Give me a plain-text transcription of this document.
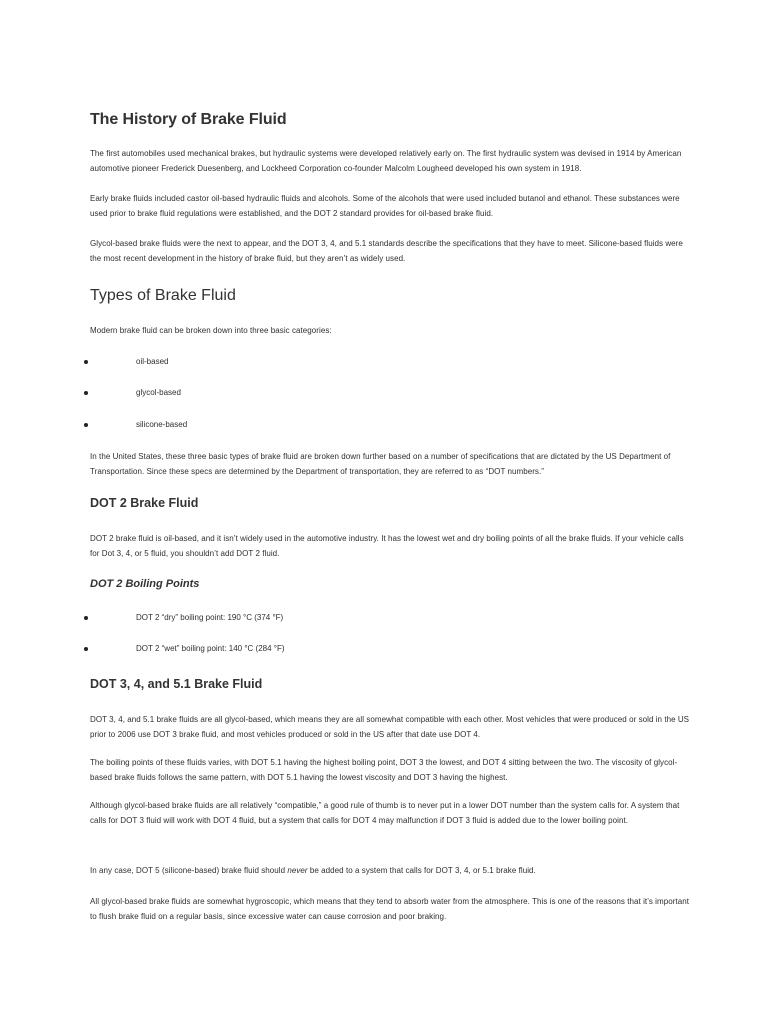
The History of Brake Fluid

The first automobiles used mechanical brakes, but hydraulic systems were developed relatively early on. The first hydraulic system was devised in 1914 by American automotive pioneer Frederick Duesenberg, and Lockheed Corporation co-founder Malcolm Lougheed developed his own system in 1918.

Early brake fluids included castor oil-based hydraulic fluids and alcohols. Some of the alcohols that were used included butanol and ethanol. These substances were used prior to brake fluid regulations were established, and the DOT 2 standard provides for oil-based brake fluid.

Glycol-based brake fluids were the next to appear, and the DOT 3, 4, and 5.1 standards describe the specifications that they have to meet. Silicone-based fluids were the most recent development in the history of brake fluid, but they aren’t as widely used.

Types of Brake Fluid

Modern brake fluid can be broken down into three basic categories:

oil-based
glycol-based
silicone-based

In the United States, these three basic types of brake fluid are broken down further based on a number of specifications that are dictated by the US Department of Transportation. Since these specs are determined by the Department of transportation, they are referred to as “DOT numbers.”

DOT 2 Brake Fluid

DOT 2 brake fluid is oil-based, and it isn’t widely used in the automotive industry. It has the lowest wet and dry boiling points of all the brake fluids. If your vehicle calls for Dot 3, 4, or 5 fluid, you shouldn’t add DOT 2 fluid.

DOT 2 Boiling Points
DOT 2 “dry” boiling point: 190 °C (374 °F)
DOT 2 “wet” boiling point: 140 °C (284 °F)
DOT 3, 4, and 5.1 Brake Fluid

DOT 3, 4, and 5.1 brake fluids are all glycol-based, which means they are all somewhat compatible with each other. Most vehicles that were produced or sold in the US prior to 2006 use DOT 3 brake fluid, and most vehicles produced or sold in the US after that date use DOT 4.

The boiling points of these fluids varies, with DOT 5.1 having the highest boiling point, DOT 3 the lowest, and DOT 4 sitting between the two. The viscosity of glycol-based brake fluids follows the same pattern, with DOT 5.1 having the lowest viscosity and DOT 3 having the highest.

Although glycol-based brake fluids are all relatively “compatible,” a good rule of thumb is to never put in a lower DOT number than the system calls for. A system that calls for DOT 3 fluid will work with DOT 4 fluid, but a system that calls for DOT 4 may malfunction if DOT 3 fluid is added due to the lower boiling point.

In any case, DOT 5 (silicone-based) brake fluid should never be added to a system that calls for DOT 3, 4, or 5.1 brake fluid.

All glycol-based brake fluids are somewhat hygroscopic, which means that they tend to absorb water from the atmosphere. This is one of the reasons that it’s important to flush brake fluid on a regular basis, since excessive water can cause corrosion and poor braking.
